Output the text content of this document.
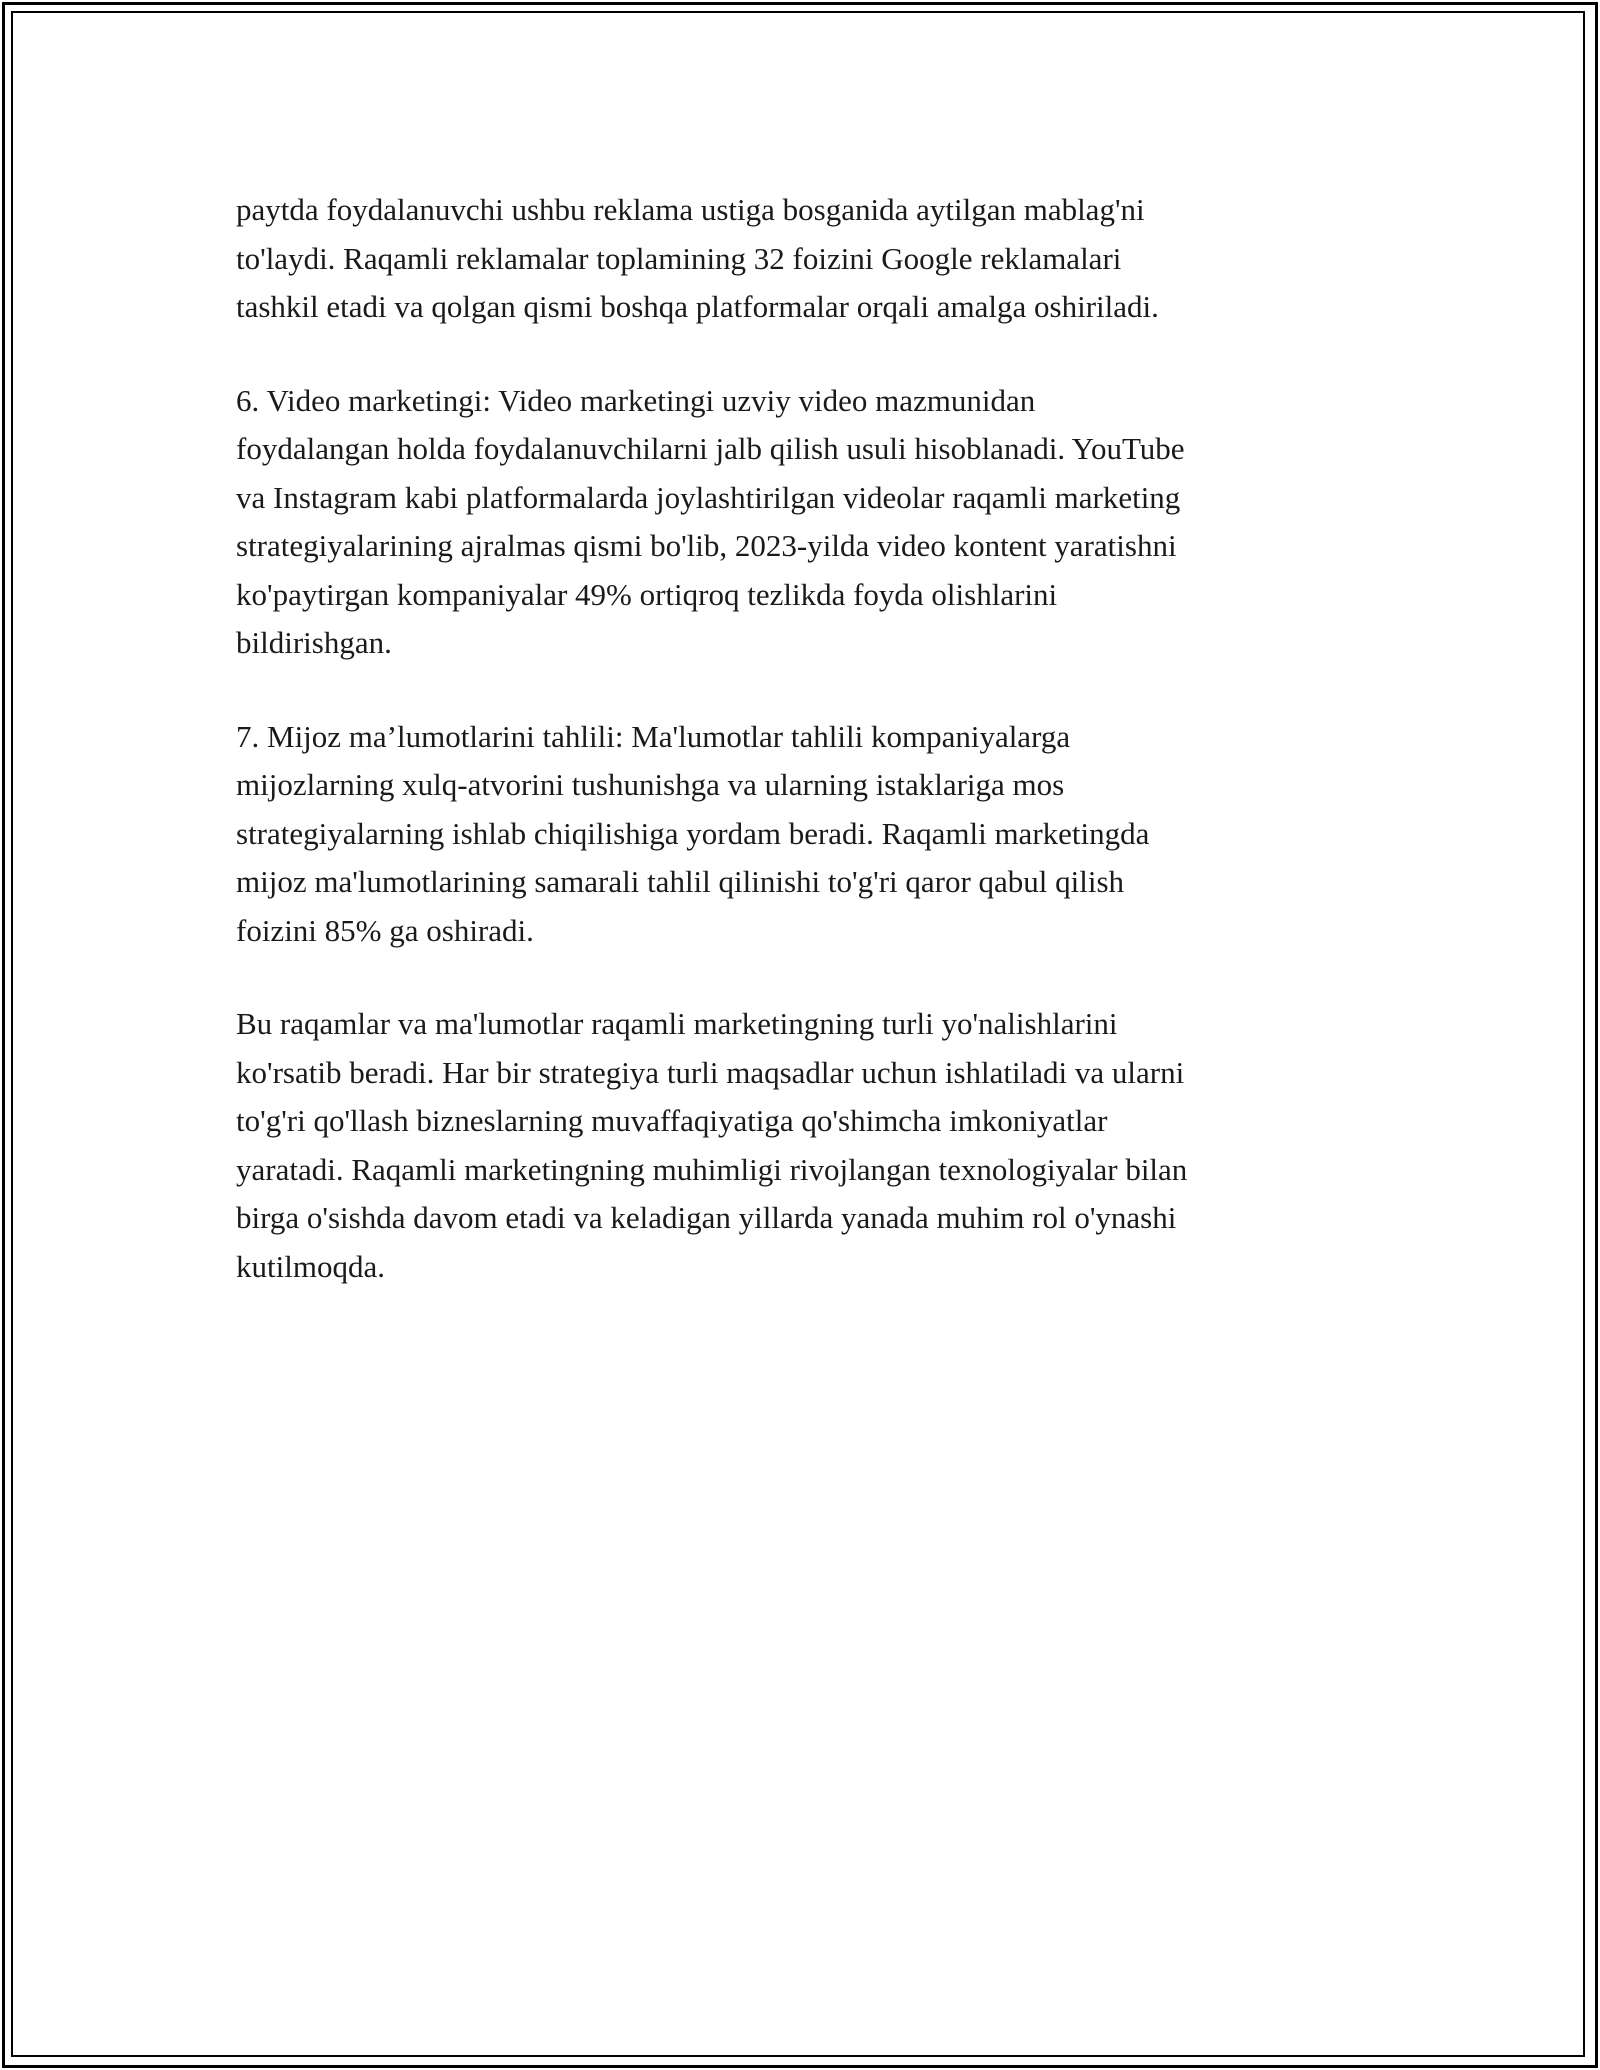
paytda foydalanuvchi ushbu reklama ustiga bosganida aytilgan mablag'ni
to'laydi. Raqamli reklamalar toplamining 32 foizini Google reklamalari
tashkil etadi va qolgan qismi boshqa platformalar orqali amalga oshiriladi.

6. Video marketingi: Video marketingi uzviy video mazmunidan
foydalangan holda foydalanuvchilarni jalb qilish usuli hisoblanadi. YouTube
va Instagram kabi platformalarda joylashtirilgan videolar raqamli marketing
strategiyalarining ajralmas qismi bo'lib, 2023-yilda video kontent yaratishni
ko'paytirgan kompaniyalar 49% ortiqroq tezlikda foyda olishlarini
bildirishgan.

7. Mijoz ma’lumotlarini tahlili: Ma'lumotlar tahlili kompaniyalarga
mijozlarning xulq-atvorini tushunishga va ularning istaklariga mos
strategiyalarning ishlab chiqilishiga yordam beradi. Raqamli marketingda
mijoz ma'lumotlarining samarali tahlil qilinishi to'g'ri qaror qabul qilish
foizini 85% ga oshiradi.

Bu raqamlar va ma'lumotlar raqamli marketingning turli yo'nalishlarini
ko'rsatib beradi. Har bir strategiya turli maqsadlar uchun ishlatiladi va ularni
to'g'ri qo'llash bizneslarning muvaffaqiyatiga qo'shimcha imkoniyatlar
yaratadi. Raqamli marketingning muhimligi rivojlangan texnologiyalar bilan
birga o'sishda davom etadi va keladigan yillarda yanada muhim rol o'ynashi
kutilmoqda.
